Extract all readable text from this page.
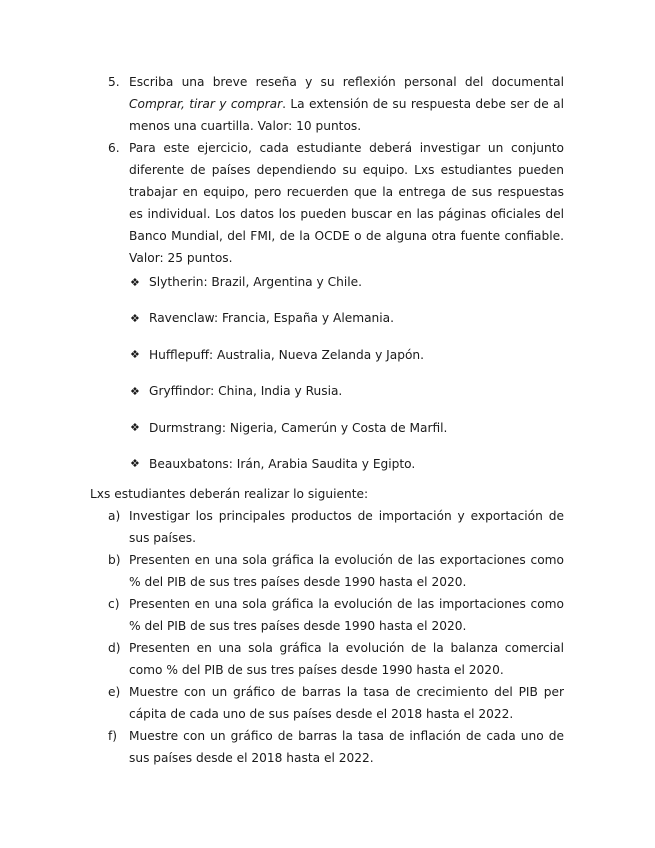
5. Escriba una breve reseña y su reflexión personal del documental Comprar, tirar y comprar. La extensión de su respuesta debe ser de al menos una cuartilla. Valor: 10 puntos.
6. Para este ejercicio, cada estudiante deberá investigar un conjunto diferente de países dependiendo su equipo. Lxs estudiantes pueden trabajar en equipo, pero recuerden que la entrega de sus respuestas es individual. Los datos los pueden buscar en las páginas oficiales del Banco Mundial, del FMI, de la OCDE o de alguna otra fuente confiable. Valor: 25 puntos.
❖ Slytherin: Brazil, Argentina y Chile.
❖ Ravenclaw: Francia, España y Alemania.
❖ Hufflepuff: Australia, Nueva Zelanda y Japón.
❖ Gryffindor: China, India y Rusia.
❖ Durmstrang: Nigeria, Camerún y Costa de Marfil.
❖ Beauxbatons: Irán, Arabia Saudita y Egipto.
Lxs estudiantes deberán realizar lo siguiente:
a) Investigar los principales productos de importación y exportación de sus países.
b) Presenten en una sola gráfica la evolución de las exportaciones como % del PIB de sus tres países desde 1990 hasta el 2020.
c) Presenten en una sola gráfica la evolución de las importaciones como % del PIB de sus tres países desde 1990 hasta el 2020.
d) Presenten en una sola gráfica la evolución de la balanza comercial como % del PIB de sus tres países desde 1990 hasta el 2020.
e) Muestre con un gráfico de barras la tasa de crecimiento del PIB per cápita de cada uno de sus países desde el 2018 hasta el 2022.
f) Muestre con un gráfico de barras la tasa de inflación de cada uno de sus países desde el 2018 hasta el 2022.
